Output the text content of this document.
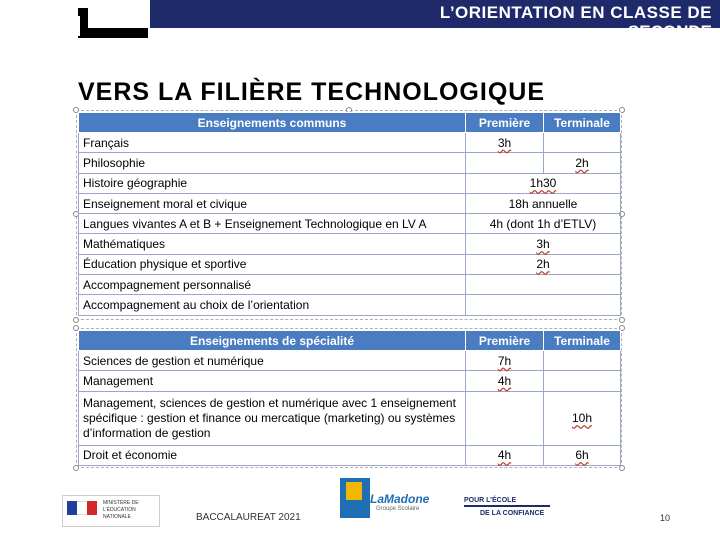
L’ORIENTATION EN CLASSE DE
SECONDE
VERS LA FILIÈRE TECHNOLOGIQUE
Enseignements communs	Première	Terminale
Français	3h	
Philosophie		2h
Histoire géographie	1h30	
Enseignement moral et civique	18h annuelle	
Langues vivantes A et B + Enseignement Technologique en LV A	4h (dont 1h d’ETLV)	
Mathématiques	3h	
Éducation physique et sportive	2h	
Accompagnement personnalisé		
Accompagnement au choix de l’orientation		
Enseignements de spécialité	Première	Terminale
Sciences de gestion et numérique	7h	
Management	4h	
Management, sciences de gestion et numérique avec 1 enseignement spécifique : gestion et finance ou mercatique (marketing) ou systèmes d’information de gestion		10h
Droit et économie	4h	6h
MINISTÈRE DE L’ÉDUCATION NATIONALE	BACCALAUREAT 2021
LaMadone
Groupe Scolaire
POUR L’ÉCOLE
DE LA CONFIANCE	10
